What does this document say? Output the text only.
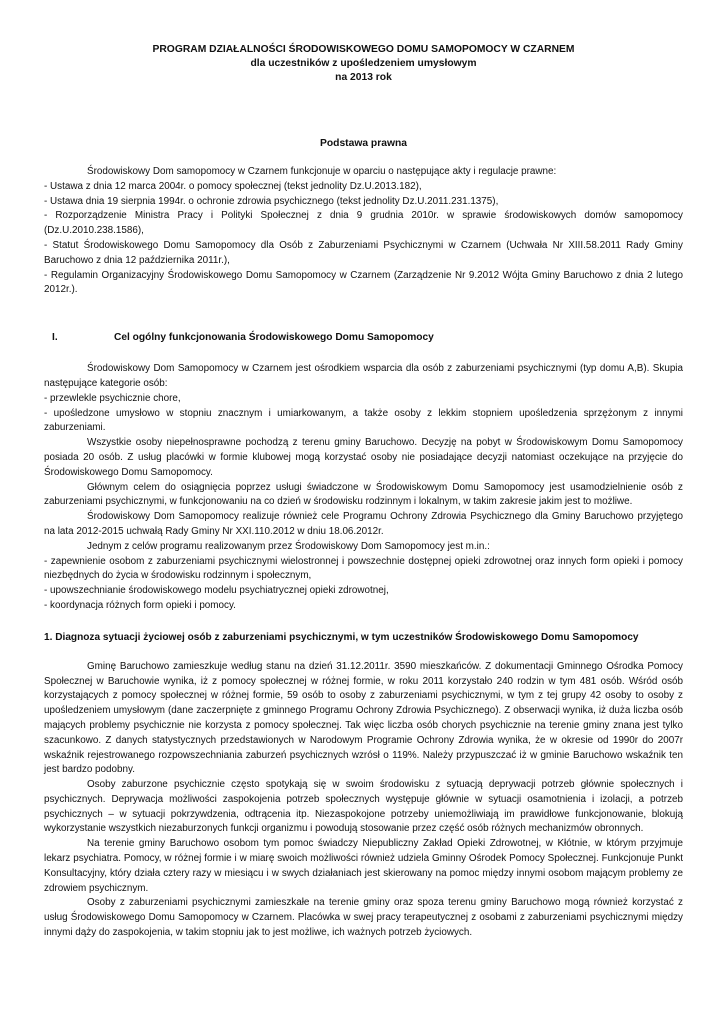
PROGRAM DZIAŁALNOŚCI ŚRODOWISKOWEGO DOMU SAMOPOMOCY W CZARNEM
dla uczestników z upośledzeniem umysłowym
na 2013 rok
Podstawa prawna

Środowiskowy Dom samopomocy w Czarnem funkcjonuje w oparciu o następujące akty i regulacje prawne:

- Ustawa z dnia 12 marca 2004r. o pomocy społecznej (tekst jednolity Dz.U.2013.182),

- Ustawa dnia 19 sierpnia 1994r. o ochronie zdrowia psychicznego (tekst jednolity Dz.U.2011.231.1375),

- Rozporządzenie Ministra Pracy i Polityki Społecznej z dnia 9 grudnia 2010r. w sprawie środowiskowych domów samopomocy (Dz.U.2010.238.1586),

- Statut Środowiskowego Domu Samopomocy dla Osób z Zaburzeniami Psychicznymi w Czarnem (Uchwała Nr XIII.58.2011 Rady Gminy Baruchowo z dnia 12 października 2011r.),

- Regulamin Organizacyjny Środowiskowego Domu Samopomocy w Czarnem (Zarządzenie Nr 9.2012 Wójta Gminy Baruchowo z dnia 2 lutego 2012r.).

I.	Cel ogólny funkcjonowania Środowiskowego Domu Samopomocy

Środowiskowy Dom Samopomocy w Czarnem jest ośrodkiem wsparcia dla osób z zaburzeniami psychicznymi (typ domu A,B). Skupia następujące kategorie osób:

- przewlekle psychicznie chore,

- upośledzone umysłowo w stopniu znacznym i umiarkowanym, a także osoby z lekkim stopniem upośledzenia sprzężonym z innymi zaburzeniami.

Wszystkie osoby niepełnosprawne pochodzą z terenu gminy Baruchowo. Decyzję na pobyt w Środowiskowym Domu Samopomocy posiada 20 osób. Z usług placówki w formie klubowej mogą korzystać osoby nie posiadające decyzji natomiast oczekujące na przyjęcie do Środowiskowego Domu Samopomocy.

Głównym celem do osiągnięcia poprzez usługi świadczone w Środowiskowym Domu Samopomocy jest usamodzielnienie osób z zaburzeniami psychicznymi, w funkcjonowaniu na co dzień w środowisku rodzinnym i lokalnym, w takim zakresie jakim jest to możliwe.

Środowiskowy Dom Samopomocy realizuje również cele Programu Ochrony Zdrowia Psychicznego dla Gminy Baruchowo przyjętego na lata 2012-2015 uchwałą Rady Gminy Nr XXI.110.2012 w dniu 18.06.2012r.

Jednym z celów programu realizowanym przez Środowiskowy Dom Samopomocy jest m.in.:

- zapewnienie osobom z zaburzeniami psychicznymi wielostronnej i powszechnie dostępnej opieki zdrowotnej oraz innych form opieki i pomocy niezbędnych do życia w środowisku rodzinnym i społecznym,

- upowszechnianie środowiskowego modelu psychiatrycznej opieki zdrowotnej,

- koordynacja różnych form opieki i pomocy.

1. Diagnoza sytuacji życiowej osób z zaburzeniami psychicznymi, w tym uczestników Środowiskowego Domu Samopomocy

Gminę Baruchowo zamieszkuje według stanu na dzień 31.12.2011r. 3590 mieszkańców. Z dokumentacji Gminnego Ośrodka Pomocy Społecznej w Baruchowie wynika, iż z pomocy społecznej w różnej formie, w roku 2011 korzystało 240 rodzin w tym 481 osób. Wśród osób korzystających z pomocy społecznej w różnej formie, 59 osób to osoby z zaburzeniami psychicznymi, w tym z tej grupy 42 osoby to osoby z upośledzeniem umysłowym (dane zaczerpnięte z gminnego Programu Ochrony Zdrowia Psychicznego). Z obserwacji wynika, iż duża liczba osób mających problemy psychicznie nie korzysta z pomocy społecznej. Tak więc liczba osób chorych psychicznie na terenie gminy znana jest tylko szacunkowo. Z danych statystycznych przedstawionych w Narodowym Programie Ochrony Zdrowia wynika, że w okresie od 1990r do 2007r wskaźnik rejestrowanego rozpowszechniania zaburzeń psychicznych wzrósł o 119%. Należy przypuszczać iż w gminie Baruchowo wskaźnik ten jest bardzo podobny.

Osoby zaburzone psychicznie często spotykają się w swoim środowisku z sytuacją deprywacji potrzeb głównie społecznych i psychicznych. Deprywacja możliwości zaspokojenia potrzeb społecznych występuje głównie w sytuacji osamotnienia i izolacji, a potrzeb psychicznych – w sytuacji pokrzywdzenia, odtrącenia itp. Niezaspokojone potrzeby uniemożliwiają im prawidłowe funkcjonowanie, blokują wykorzystanie wszystkich niezaburzonych funkcji organizmu i powodują stosowanie przez część osób różnych mechanizmów obronnych.

Na terenie gminy Baruchowo osobom tym pomoc świadczy Niepubliczny Zakład Opieki Zdrowotnej, w Kłótnie, w którym przyjmuje lekarz psychiatra. Pomocy, w różnej formie i w miarę swoich możliwości również udziela Gminny Ośrodek Pomocy Społecznej. Funkcjonuje Punkt Konsultacyjny, który działa cztery razy w miesiącu i w swych działaniach jest skierowany na pomoc między innymi osobom mającym problemy ze zdrowiem psychicznym.

Osoby z zaburzeniami psychicznymi zamieszkałe na terenie gminy oraz spoza terenu gminy Baruchowo mogą również korzystać z usług Środowiskowego Domu Samopomocy w Czarnem. Placówka w swej pracy terapeutycznej z osobami z zaburzeniami psychicznymi między innymi dąży do zaspokojenia, w takim stopniu jak to jest możliwe, ich ważnych potrzeb życiowych.
